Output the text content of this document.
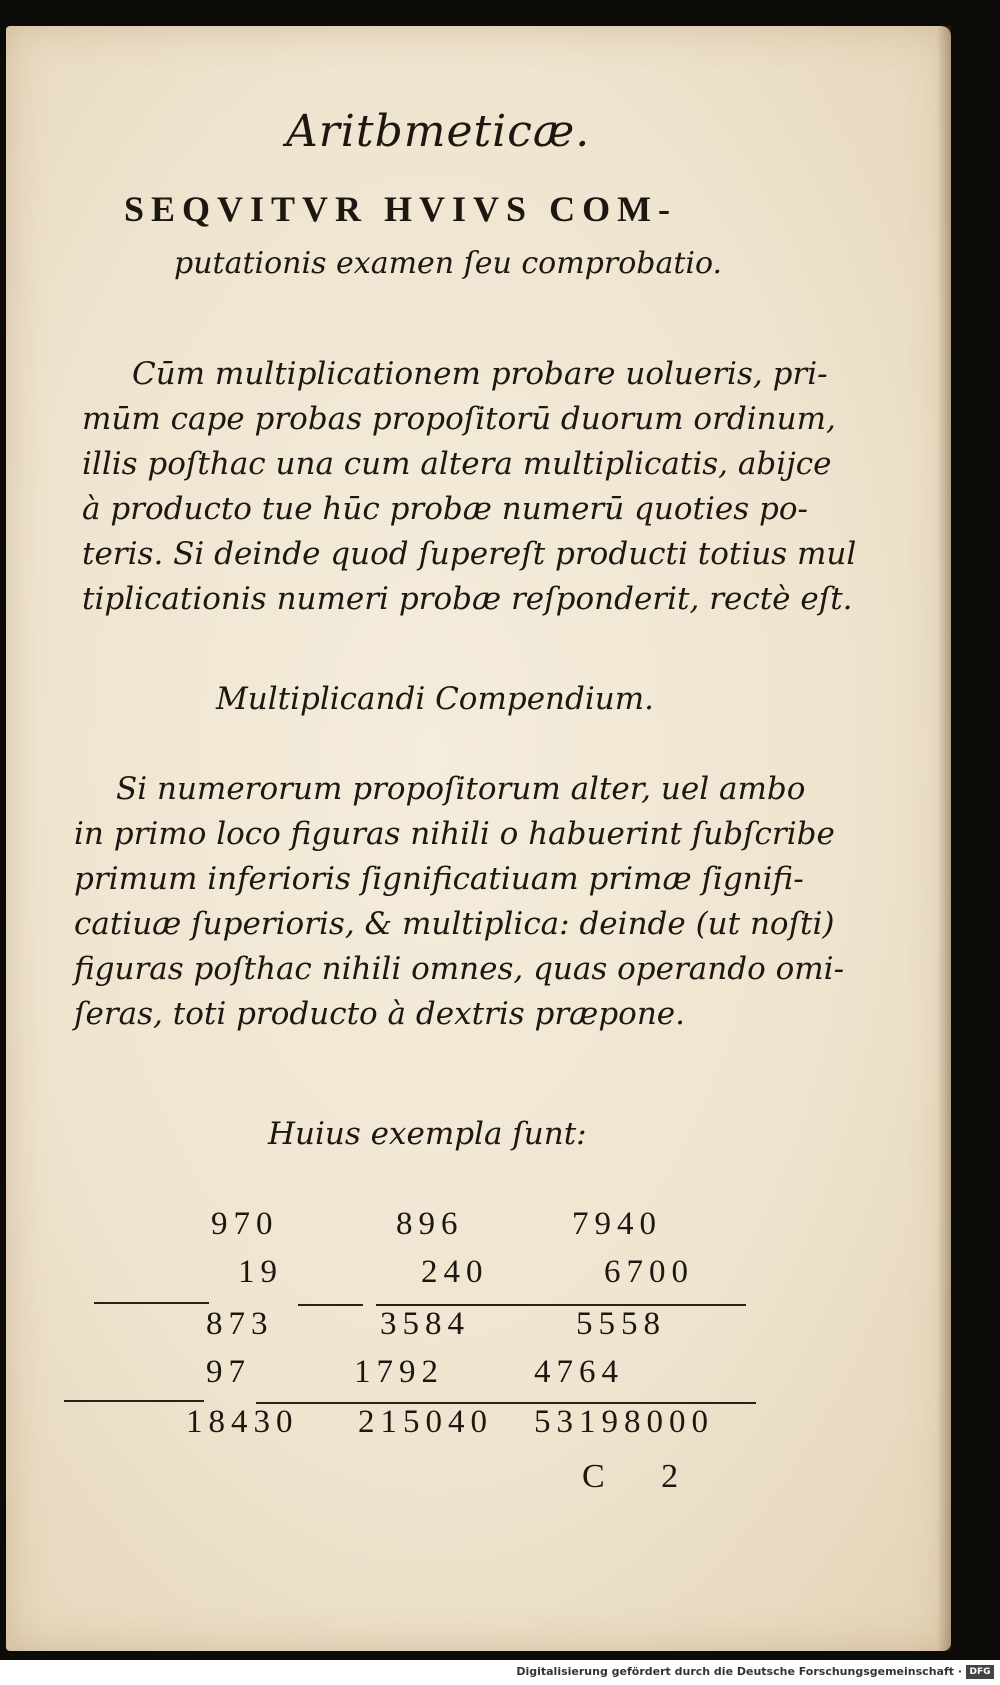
Aritbmeticæ.
SEQVITVR HVIVS COM-
putationis examen ſeu comprobatio.
Cūm multiplicationem probare uolueris, pri-
mūm cape probas propoſitorū duorum ordinum,
illis poſthac una cum altera multiplicatis, abijce
à producto tue hūc probæ numerū quoties po-
teris. Si deinde quod ſupereſt producti totius mul
tiplicationis numeri probæ reſponderit, rectè eſt.
Multiplicandi Compendium.
Si numerorum propoſitorum alter, uel ambo
in primo loco figuras nihili o habuerint ſubſcribe
primum inferioris ſignificatiuam primæ ſignifi-
catiuæ ſuperioris, & multiplica: deinde (ut noſti)
figuras poſthac nihili omnes, quas operando omi-
ſeras, toti producto à dextris præpone.
Huius exempla ſunt:
970
19
873
97
18430
896
240
3584
1792
215040
7940
6700
5558
4764
53198000
C 2
Digitalisierung gefördert durch die Deutsche Forschungsgemeinschaft · DFG
